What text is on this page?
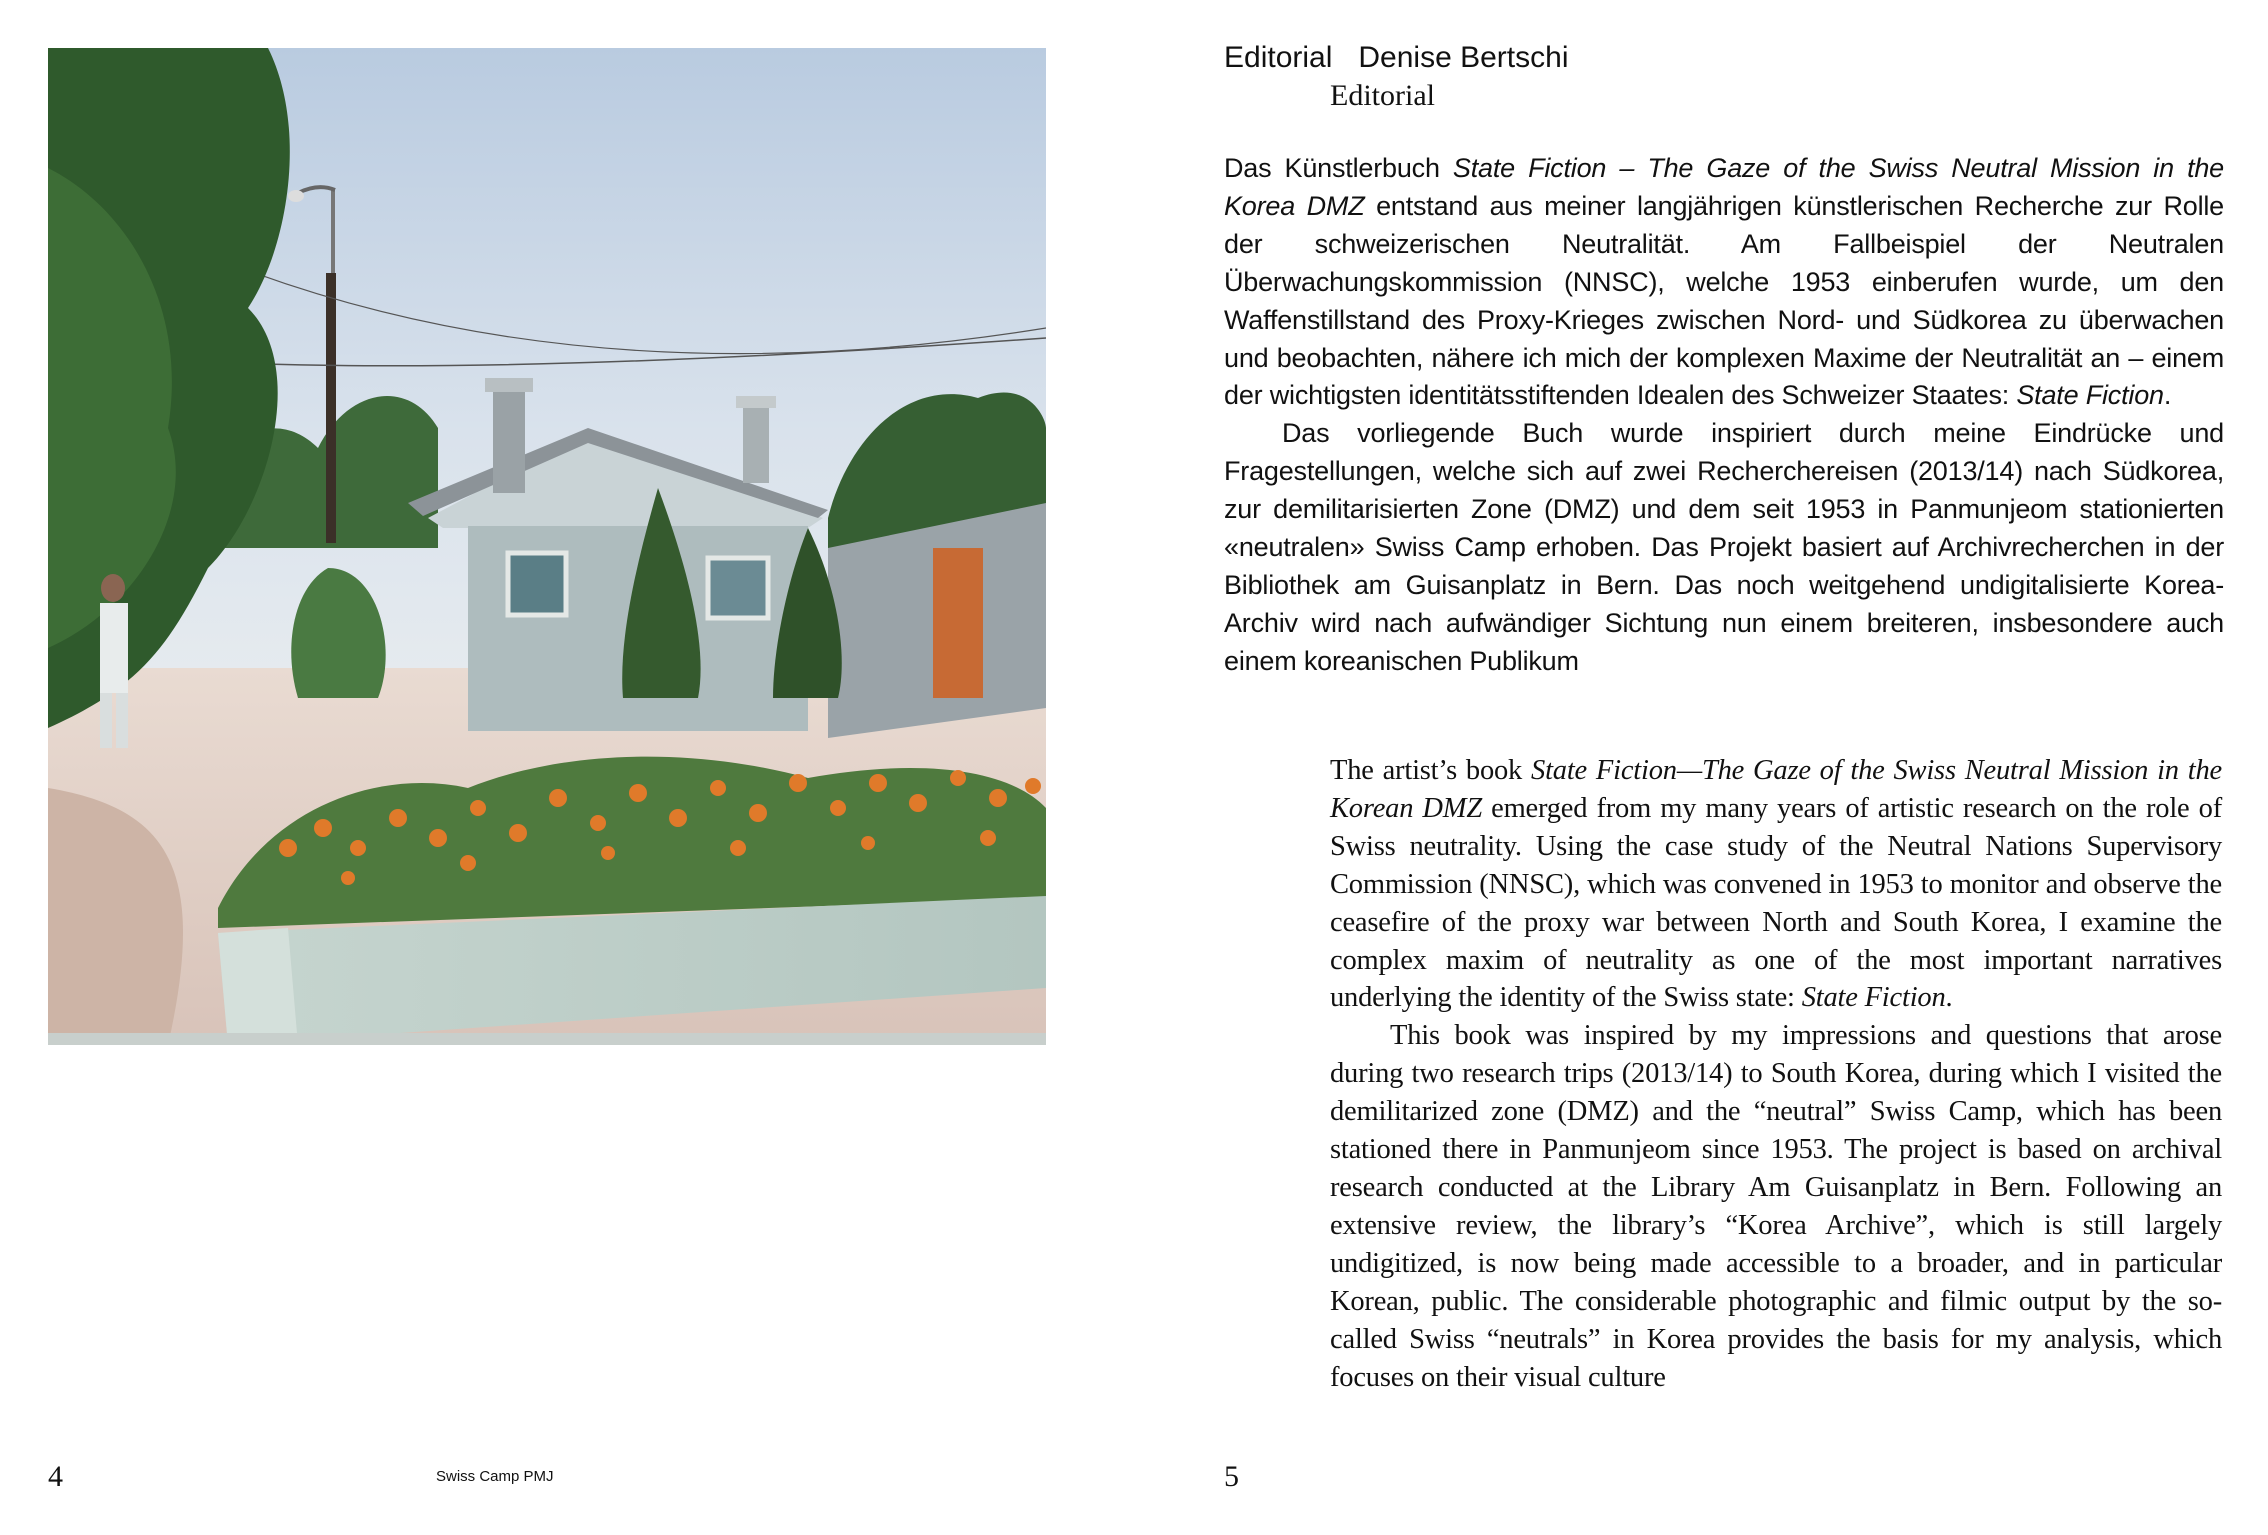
4	Swiss Camp PMJ
Editorial Denise Bertschi
Editorial

Das Künstlerbuch State Fiction – The Gaze of the Swiss Neutral Mission in the Korea DMZ entstand aus meiner langjährigen künstlerischen Recherche zur Rolle der schweizerischen Neutralität. Am Fallbeispiel der Neutralen Überwachungskommission (NNSC), welche 1953 einberufen wurde, um den Waffenstillstand des Proxy-Krieges zwischen Nord- und Südkorea zu überwachen und beobachten, nähere ich mich der komplexen Maxime der Neutralität an – einem der wichtigsten identitätsstiftenden Idealen des Schweizer Staates: State Fiction.

Das vorliegende Buch wurde inspiriert durch meine Eindrücke und Fragestellungen, welche sich auf zwei Recherchereisen (2013/14) nach Südkorea, zur demilitarisierten Zone (DMZ) und dem seit 1953 in Panmunjeom stationierten «neutralen» Swiss Camp erhoben. Das Projekt basiert auf Archivrecherchen in der Bibliothek am Guisanplatz in Bern. Das noch weitgehend undigitalisierte Korea-Archiv wird nach aufwändiger Sichtung nun einem breiteren, insbesondere auch einem koreanischen Publikum

The artist’s book State Fiction—The Gaze of the Swiss Neutral Mission in the Korean DMZ emerged from my many years of artistic research on the role of Swiss neutrality. Using the case study of the Neutral Nations Supervisory Commission (NNSC), which was convened in 1953 to monitor and observe the ceasefire of the proxy war between North and South Korea, I examine the complex maxim of neutrality as one of the most important narratives underlying the identity of the Swiss state: State Fiction.

This book was inspired by my impressions and questions that arose during two research trips (2013/14) to South Korea, during which I visited the demilitarized zone (DMZ) and the “neutral” Swiss Camp, which has been stationed there in Panmunjeom since 1953. The project is based on archival research conducted at the Library Am Guisanplatz in Bern. Following an extensive review, the library’s “Korea Archive”, which is still largely undigitized, is now being made accessible to a broader, and in particular Korean, public. The considerable photographic and filmic output by the so-called Swiss “neutrals” in Korea provides the basis for my analysis, which focuses on their visual culture

5
